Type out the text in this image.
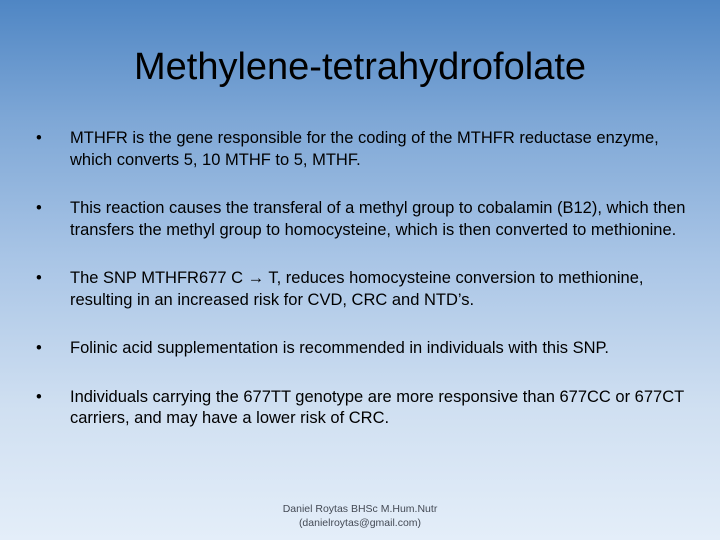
Methylene-tetrahydrofolate
•	MTHFR is the gene responsible for the coding of the MTHFR reductase enzyme, which converts 5, 10 MTHF to 5, MTHF.
•	This reaction causes the transferal of a methyl group to cobalamin (B12), which then transfers the methyl group to homocysteine, which is then converted to methionine.
•	The SNP MTHFR677 C → T, reduces homocysteine conversion to methionine, resulting in an increased risk for CVD, CRC and NTD’s.
•	Folinic acid supplementation is recommended in individuals with this SNP.
•	Individuals carrying the 677TT genotype are more responsive than 677CC or 677CT carriers, and may have a lower risk of CRC.
Daniel Roytas BHSc M.Hum.Nutr
(danielroytas@gmail.com)
